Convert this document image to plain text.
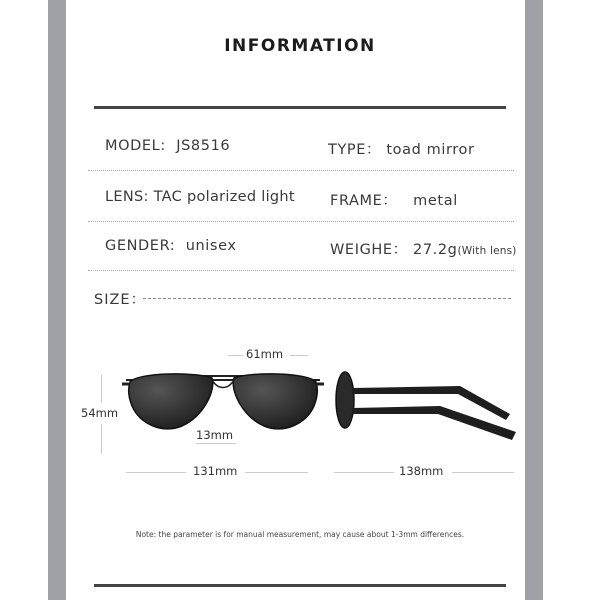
INFORMATION
MODEL: JS8516	TYPE： toad mirror
LENS: TAC polarized light FRAME： metal
GENDER: unisex	WEIGHE： 27.2g(With lens)
SIZE：
61mm
54mm
13mm
131mm	138mm
Note: the parameter is for manual measurement, may cause about 1-3mm differences.
